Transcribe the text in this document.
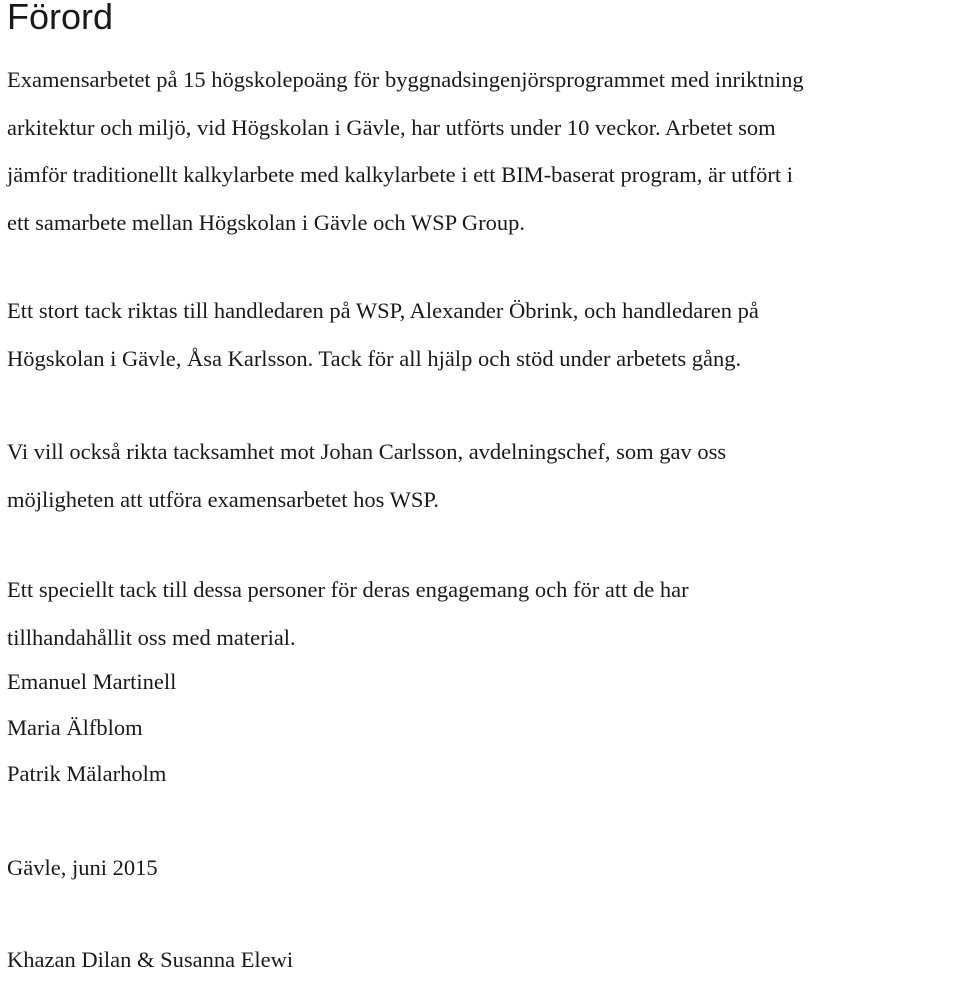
Förord

Examensarbetet på 15 högskolepoäng för byggnadsingenjörsprogrammet med inriktning
arkitektur och miljö, vid Högskolan i Gävle, har utförts under 10 veckor. Arbetet som
jämför traditionellt kalkylarbete med kalkylarbete i ett BIM-baserat program, är utfört i
ett samarbete mellan Högskolan i Gävle och WSP Group.

Ett stort tack riktas till handledaren på WSP, Alexander Öbrink, och handledaren på
Högskolan i Gävle, Åsa Karlsson. Tack för all hjälp och stöd under arbetets gång.

Vi vill också rikta tacksamhet mot Johan Carlsson, avdelningschef, som gav oss
möjligheten att utföra examensarbetet hos WSP.

Ett speciellt tack till dessa personer för deras engagemang och för att de har
tillhandahållit oss med material.

Emanuel Martinell
Maria Älfblom
Patrik Mälarholm

Gävle, juni 2015

Khazan Dilan & Susanna Elewi
